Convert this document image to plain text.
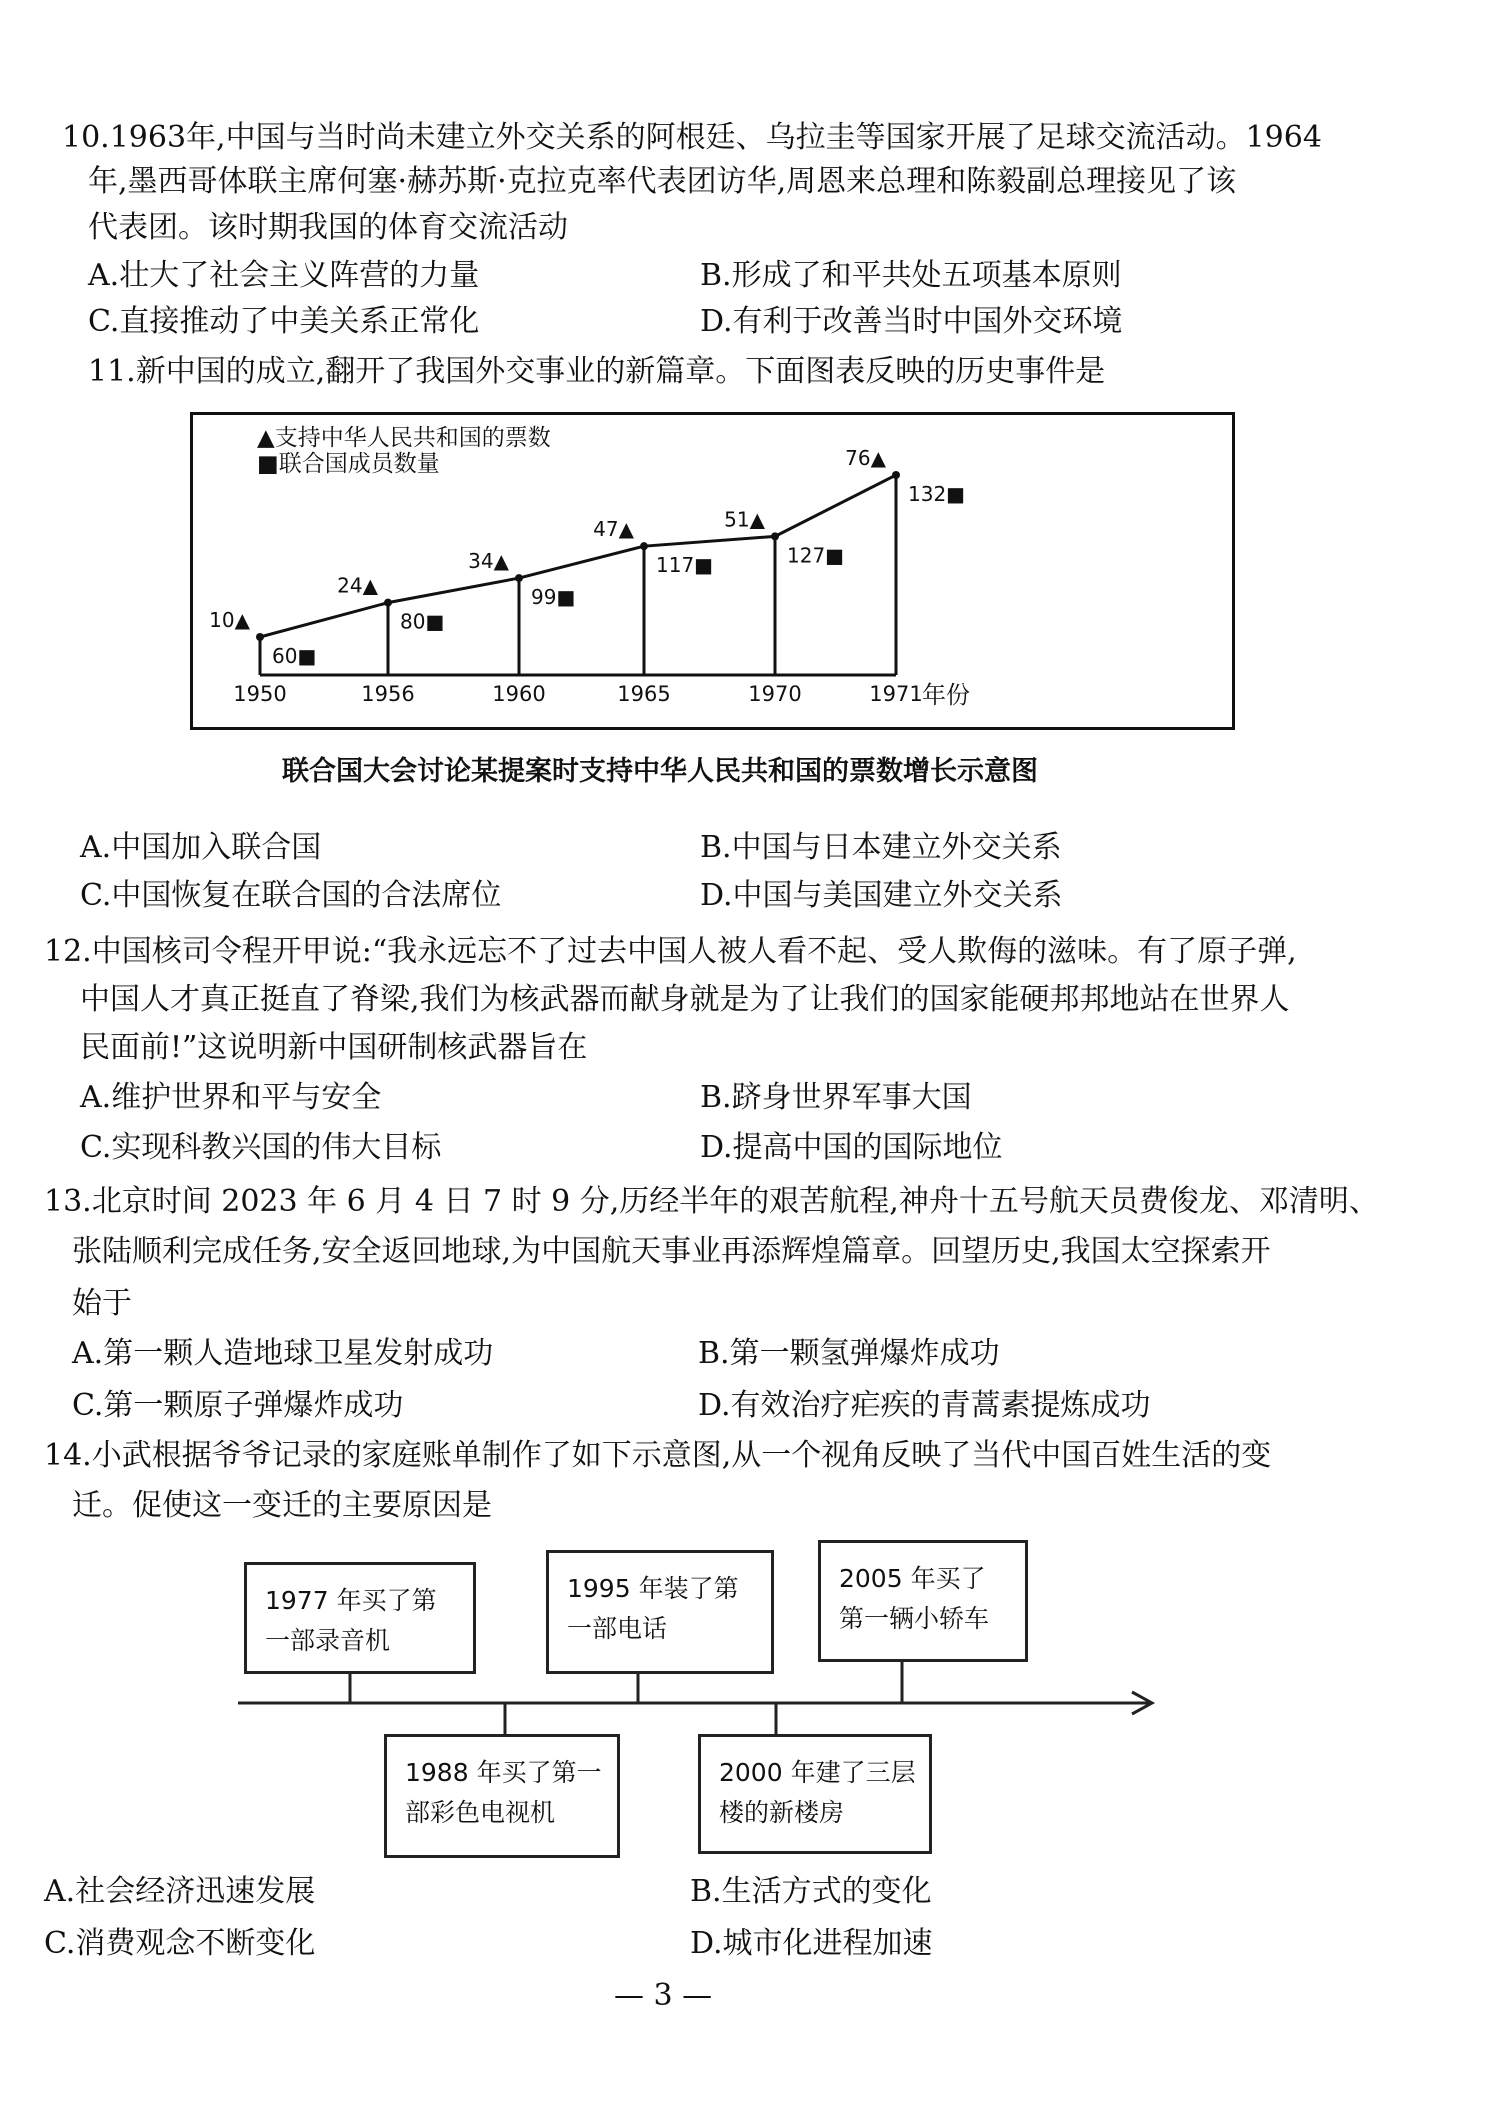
10.1963年,中国与当时尚未建立外交关系的阿根廷、乌拉圭等国家开展了足球交流活动。1964
年,墨西哥体联主席何塞·赫苏斯·克拉克率代表团访华,周恩来总理和陈毅副总理接见了该
代表团。该时期我国的体育交流活动
A.壮大了社会主义阵营的力量	B.形成了和平共处五项基本原则
C.直接推动了中美关系正常化	D.有利于改善当时中国外交环境
11.新中国的成立,翻开了我国外交事业的新篇章。下面图表反映的历史事件是
10▲
60■
1950
24▲
80■
1956
34▲
99■
1960
47▲
117■
1965
51▲
127■
1970
76▲
132■
1971 年份
▲支持中华人民共和国的票数
■联合国成员数量
联合国大会讨论某提案时支持中华人民共和国的票数增长示意图
A.中国加入联合国	B.中国与日本建立外交关系
C.中国恢复在联合国的合法席位	D.中国与美国建立外交关系
12.中国核司令程开甲说:“我永远忘不了过去中国人被人看不起、受人欺侮的滋味。有了原子弹,
中国人才真正挺直了脊梁,我们为核武器而献身就是为了让我们的国家能硬邦邦地站在世界人
民面前!”这说明新中国研制核武器旨在
A.维护世界和平与安全	B.跻身世界军事大国
C.实现科教兴国的伟大目标	D.提高中国的国际地位
13.北京时间 2023 年 6 月 4 日 7 时 9 分,历经半年的艰苦航程,神舟十五号航天员费俊龙、邓清明、
张陆顺利完成任务,安全返回地球,为中国航天事业再添辉煌篇章。回望历史,我国太空探索开
始于
A.第一颗人造地球卫星发射成功	B.第一颗氢弹爆炸成功
C.第一颗原子弹爆炸成功	D.有效治疗疟疾的青蒿素提炼成功
14.小武根据爷爷记录的家庭账单制作了如下示意图,从一个视角反映了当代中国百姓生活的变
迁。促使这一变迁的主要原因是
1977 年买了第
一部录音机
1995 年装了第
一部电话
2005 年买了
第一辆小轿车
1988 年买了第一
部彩色电视机
2000 年建了三层
楼的新楼房
A.社会经济迅速发展	B.生活方式的变化
C.消费观念不断变化	D.城市化进程加速
— 3 —
